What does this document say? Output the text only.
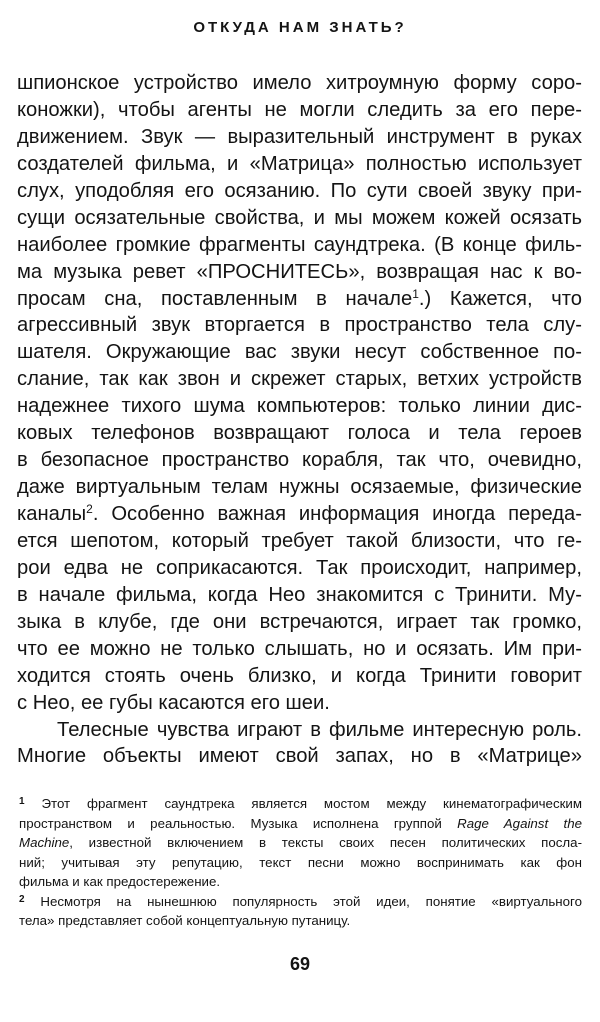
ОТКУДА НАМ ЗНАТЬ?
шпионское устройство имело хитроумную форму соро-
коножки), чтобы агенты не могли следить за его пере-
движением. Звук — выразительный инструмент в руках
создателей фильма, и «Матрица» полностью использует
слух, уподобляя его осязанию. По сути своей звуку при-
сущи осязательные свойства, и мы можем кожей осязать
наиболее громкие фрагменты саундтрека. (В конце филь-
ма музыка ревет «ПРОСНИТЕСЬ», возвращая нас к во-
просам сна, поставленным в начале$^1$.) Кажется, что
агрессивный звук вторгается в пространство тела слу-
шателя. Окружающие вас звуки несут собственное по-
слание, так как звон и скрежет старых, ветхих устройств
надежнее тихого шума компьютеров: только линии дис-
ковых телефонов возвращают голоса и тела героев
в безопасное пространство корабля, так что, очевидно,
даже виртуальным телам нужны осязаемые, физические
каналы$^2$. Особенно важная информация иногда переда-
ется шепотом, который требует такой близости, что ге-
рои едва не соприкасаются. Так происходит, например,
в начале фильма, когда Нео знакомится с Тринити. Му-
зыка в клубе, где они встречаются, играет так громко,
что ее можно не только слышать, но и осязать. Им при-
ходится стоять очень близко, и когда Тринити говорит
с Нео, ее губы касаются его шеи.
Телесные чувства играют в фильме интересную роль.
Многие объекты имеют свой запах, но в «Матрице»
$^1$ Этот фрагмент саундтрека является мостом между кинематографическим
пространством и реальностью. Музыка исполнена группой Rage Against the
Machine, известной включением в тексты своих песен политических посла-
ний; учитывая эту репутацию, текст песни можно воспринимать как фон
фильма и как предостережение.
$^2$ Несмотря на нынешнюю популярность этой идеи, понятие «виртуального
тела» представляет собой концептуальную путаницу.
69
